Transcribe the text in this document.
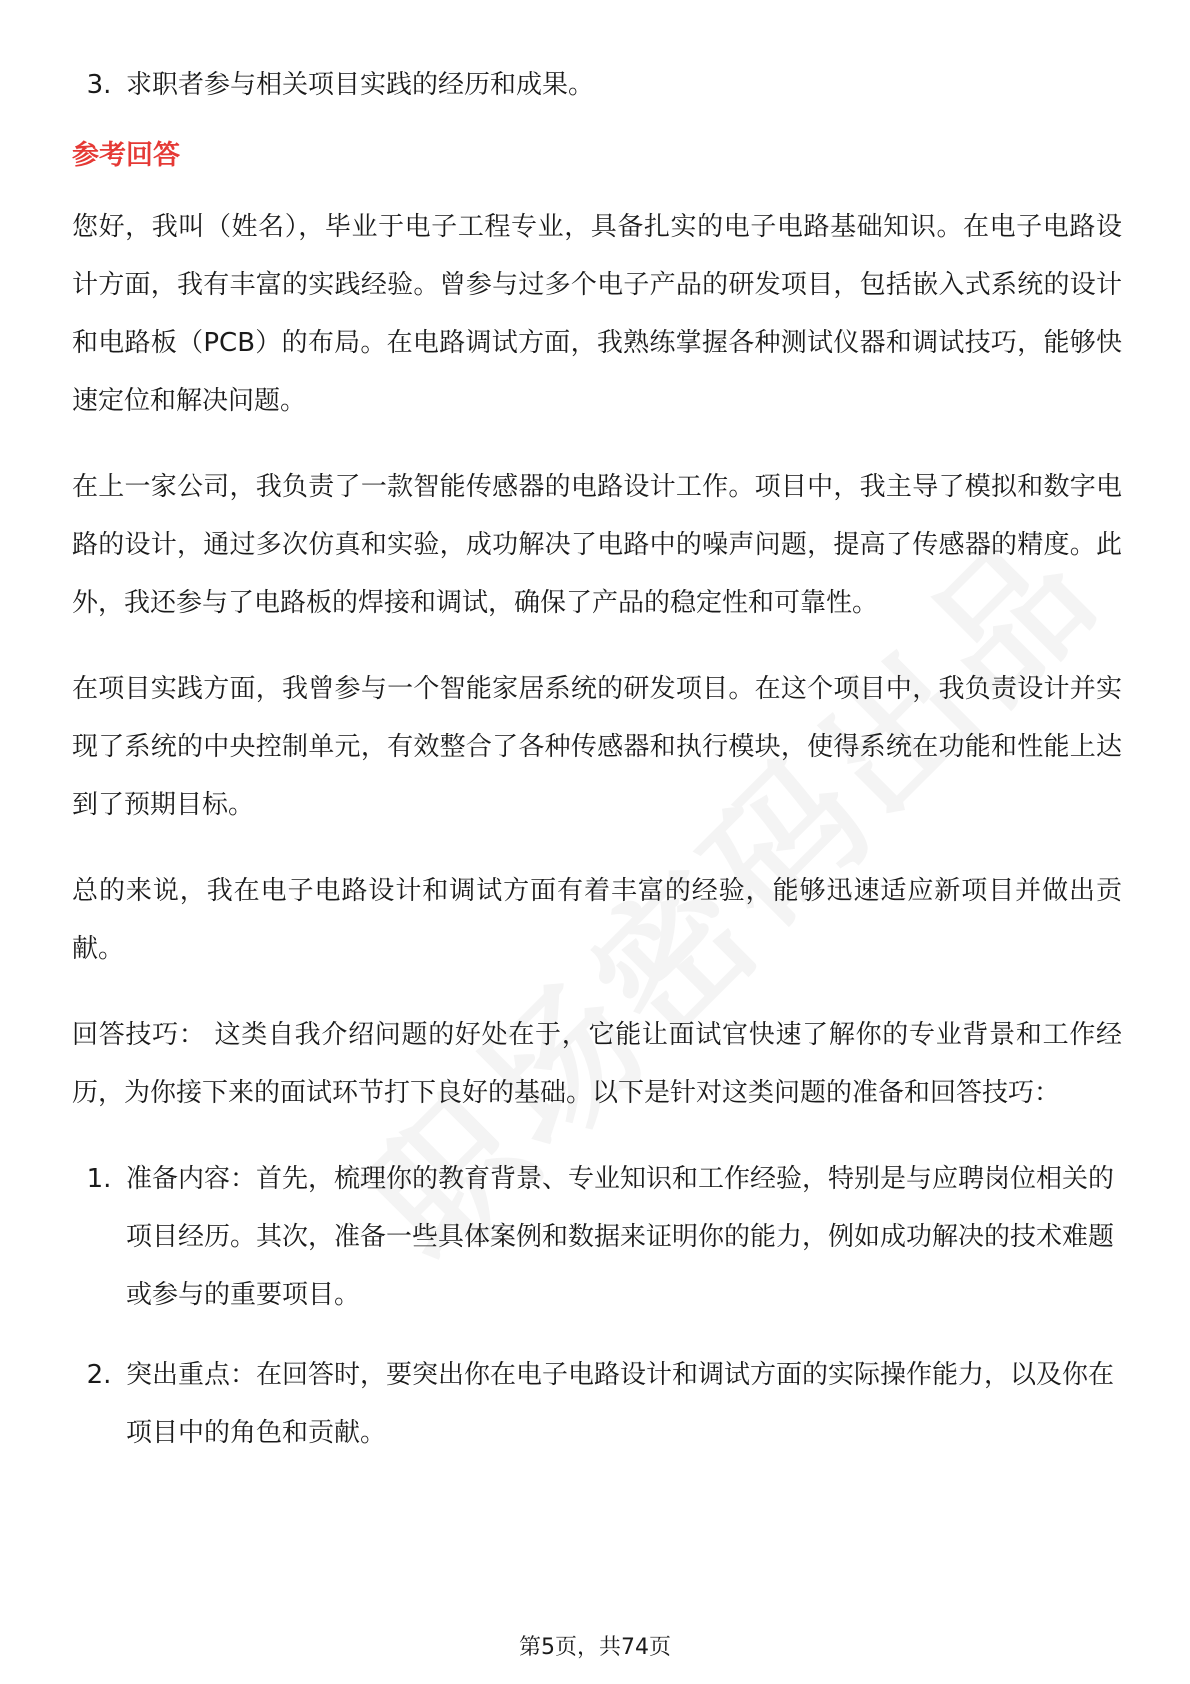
3. 求职者参与相关项目实践的经历和成果。
参考回答

您好，我叫（姓名），毕业于电子工程专业，具备扎实的电子电路基础知识。在电子电路设计方面，我有丰富的实践经验。曾参与过多个电子产品的研发项目，包括嵌入式系统的设计和电路板（PCB）的布局。在电路调试方面，我熟练掌握各种测试仪器和调试技巧，能够快速定位和解决问题。

在上一家公司，我负责了一款智能传感器的电路设计工作。项目中，我主导了模拟和数字电路的设计，通过多次仿真和实验，成功解决了电路中的噪声问题，提高了传感器的精度。此外，我还参与了电路板的焊接和调试，确保了产品的稳定性和可靠性。

在项目实践方面，我曾参与一个智能家居系统的研发项目。在这个项目中，我负责设计并实现了系统的中央控制单元，有效整合了各种传感器和执行模块，使得系统在功能和性能上达到了预期目标。

总的来说，我在电子电路设计和调试方面有着丰富的经验，能够迅速适应新项目并做出贡献。

回答技巧： 这类自我介绍问题的好处在于，它能让面试官快速了解你的专业背景和工作经历，为你接下来的面试环节打下良好的基础。以下是针对这类问题的准备和回答技巧：

1. 准备内容：首先，梳理你的教育背景、专业知识和工作经验，特别是与应聘岗位相关的项目经历。其次，准备一些具体案例和数据来证明你的能力，例如成功解决的技术难题或参与的重要项目。
2. 突出重点：在回答时，要突出你在电子电路设计和调试方面的实际操作能力，以及你在项目中的角色和贡献。
第5页，共74页
